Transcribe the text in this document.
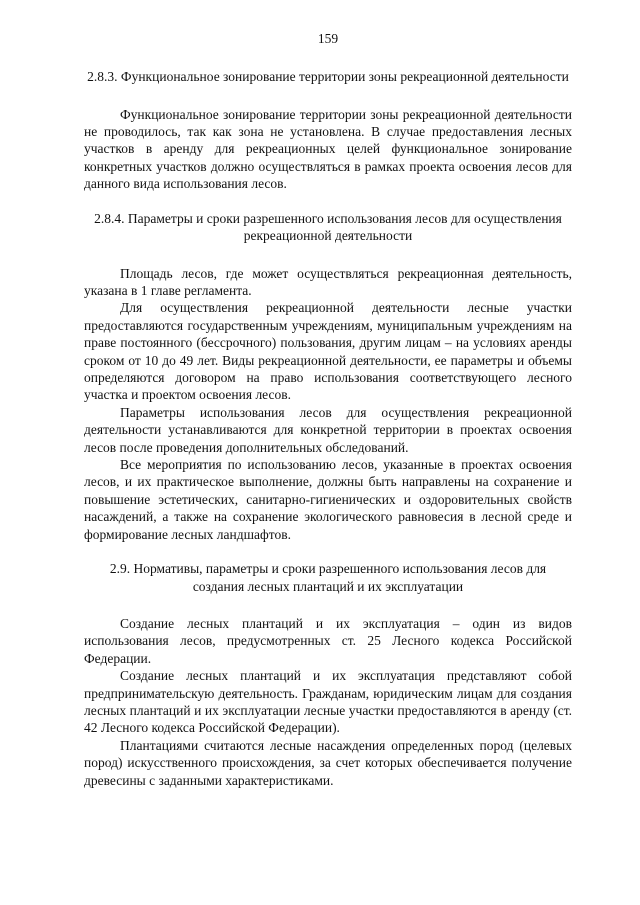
159

2.8.3. Функциональное зонирование территории зоны рекреационной деятельности

Функциональное зонирование территории зоны рекреационной деятельности не проводилось, так как зона не установлена. В случае предоставления лесных участков в аренду для рекреационных целей функциональное зонирование конкретных участков должно осуществляться в рамках проекта освоения лесов для данного вида использования лесов.

2.8.4. Параметры и сроки разрешенного использования лесов для осуществления рекреационной деятельности

Площадь лесов, где может осуществляться рекреационная деятельность, указана в 1 главе регламента.

Для осуществления рекреационной деятельности лесные участки предоставляются государственным учреждениям, муниципальным учреждениям на праве постоянного (бессрочного) пользования, другим лицам – на условиях аренды сроком от 10 до 49 лет. Виды рекреационной деятельности, ее параметры и объемы определяются договором на право использования соответствующего лесного участка и проектом освоения лесов.

Параметры использования лесов для осуществления рекреационной деятельности устанавливаются для конкретной территории в проектах освоения лесов после проведения дополнительных обследований.

Все мероприятия по использованию лесов, указанные в проектах освоения лесов, и их практическое выполнение, должны быть направлены на сохранение и повышение эстетических, санитарно-гигиенических и оздоровительных свойств насаждений, а также на сохранение экологического равновесия в лесной среде и формирование лесных ландшафтов.

2.9. Нормативы, параметры и сроки разрешенного использования лесов для создания лесных плантаций и их эксплуатации

Создание лесных плантаций и их эксплуатация – один из видов использования лесов, предусмотренных ст. 25 Лесного кодекса Российской Федерации.

Создание лесных плантаций и их эксплуатация представляют собой предпринимательскую деятельность. Гражданам, юридическим лицам для создания лесных плантаций и их эксплуатации лесные участки предоставляются в аренду (ст. 42 Лесного кодекса Российской Федерации).

Плантациями считаются лесные насаждения определенных пород (целевых пород) искусственного происхождения, за счет которых обеспечивается получение древесины с заданными характеристиками.
